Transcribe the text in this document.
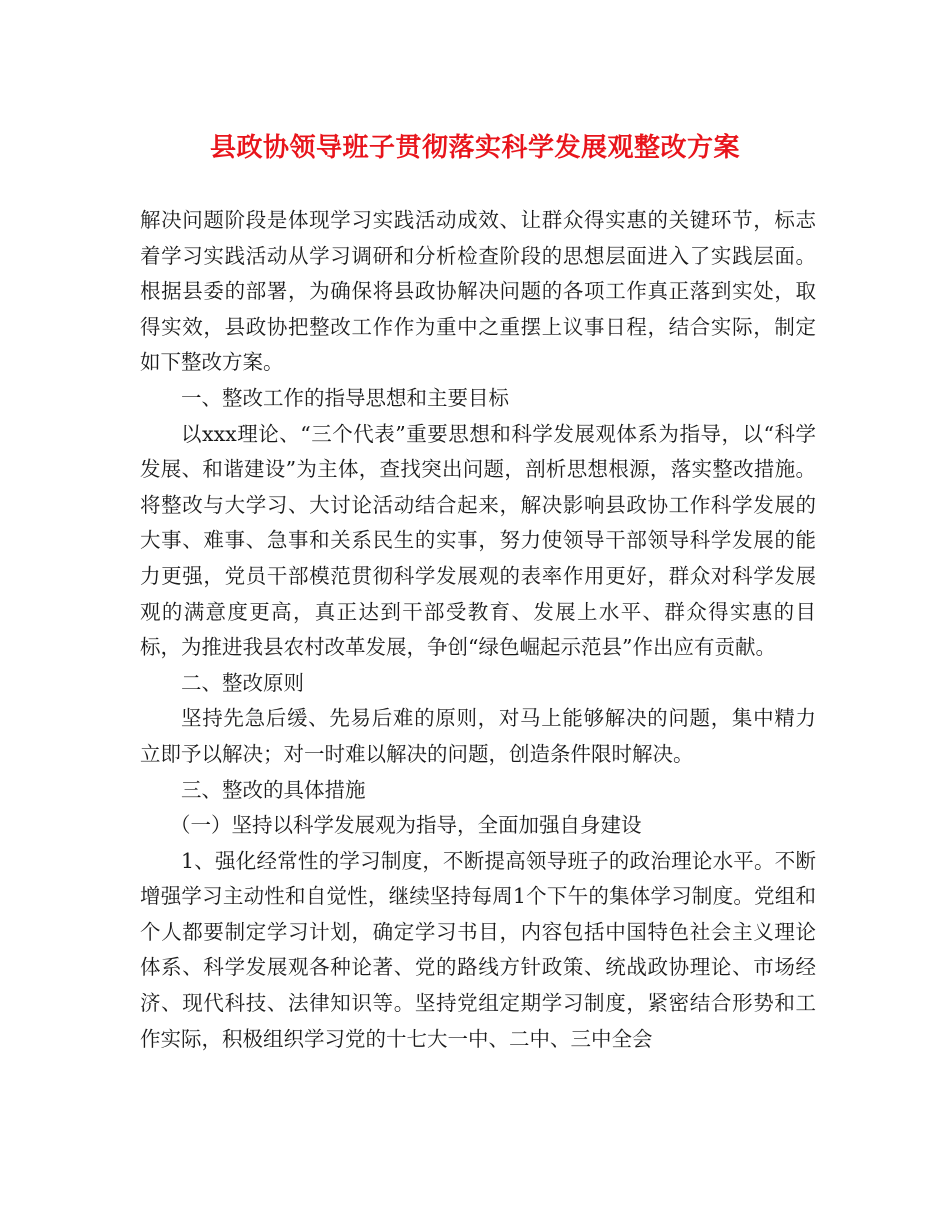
县政协领导班子贯彻落实科学发展观整改方案

解决问题阶段是体现学习实践活动成效、让群众得实惠的关键环节，标志着学习实践活动从学习调研和分析检查阶段的思想层面进入了实践层面。根据县委的部署，为确保将县政协解决问题的各项工作真正落到实处，取得实效，县政协把整改工作作为重中之重摆上议事日程，结合实际，制定如下整改方案。

一、整改工作的指导思想和主要目标

以xxx理论、“三个代表”重要思想和科学发展观体系为指导，以“科学发展、和谐建设”为主体，查找突出问题，剖析思想根源，落实整改措施。将整改与大学习、大讨论活动结合起来，解决影响县政协工作科学发展的大事、难事、急事和关系民生的实事，努力使领导干部领导科学发展的能力更强，党员干部模范贯彻科学发展观的表率作用更好，群众对科学发展观的满意度更高，真正达到干部受教育、发展上水平、群众得实惠的目标，为推进我县农村改革发展，争创“绿色崛起示范县”作出应有贡献。

二、整改原则

坚持先急后缓、先易后难的原则，对马上能够解决的问题，集中精力立即予以解决；对一时难以解决的问题，创造条件限时解决。

三、整改的具体措施

（一）坚持以科学发展观为指导，全面加强自身建设

1、强化经常性的学习制度，不断提高领导班子的政治理论水平。不断增强学习主动性和自觉性，继续坚持每周1个下午的集体学习制度。党组和个人都要制定学习计划，确定学习书目，内容包括中国特色社会主义理论体系、科学发展观各种论著、党的路线方针政策、统战政协理论、市场经济、现代科技、法律知识等。坚持党组定期学习制度，紧密结合形势和工作实际，积极组织学习党的十七大一中、二中、三中全会
